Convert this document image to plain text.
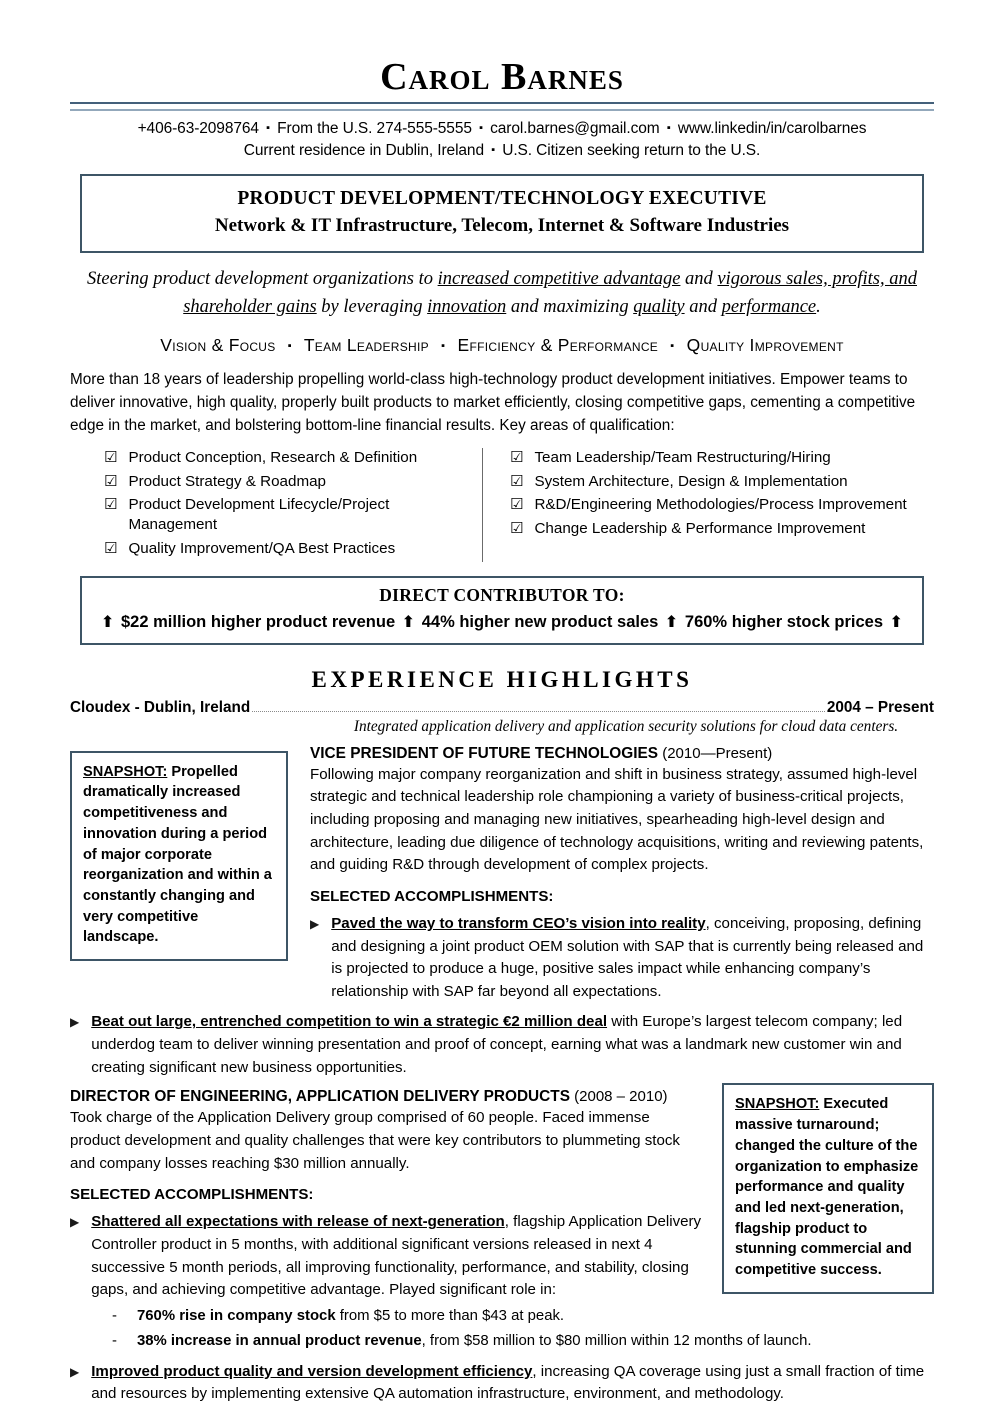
Carol Barnes
+406-63-2098764 ▪ From the U.S. 274-555-5555 ▪ carol.barnes@gmail.com ▪ www.linkedin/in/carolbarnes
Current residence in Dublin, Ireland ▪ U.S. Citizen seeking return to the U.S.
PRODUCT DEVELOPMENT/TECHNOLOGY EXECUTIVE
Network & IT Infrastructure, Telecom, Internet & Software Industries
Steering product development organizations to increased competitive advantage and vigorous sales, profits, and shareholder gains by leveraging innovation and maximizing quality and performance.
Vision & Focus ▪ Team Leadership ▪ Efficiency & Performance ▪ Quality Improvement
More than 18 years of leadership propelling world-class high-technology product development initiatives. Empower teams to deliver innovative, high quality, properly built products to market efficiently, closing competitive gaps, cementing a competitive edge in the market, and bolstering bottom-line financial results. Key areas of qualification:
☑ Product Conception, Research & Definition
☑ Product Strategy & Roadmap
☑ Product Development Lifecycle/Project Management
☑ Quality Improvement/QA Best Practices
☑ Team Leadership/Team Restructuring/Hiring
☑ System Architecture, Design & Implementation
☑ R&D/Engineering Methodologies/Process Improvement
☑ Change Leadership & Performance Improvement
DIRECT CONTRIBUTOR TO:
⬆ $22 million higher product revenue ⬆ 44% higher new product sales ⬆ 760% higher stock prices ⬆
EXPERIENCE HIGHLIGHTS
Cloudex - Dublin, Ireland	2004 – Present
Integrated application delivery and application security solutions for cloud data centers.
SNAPSHOT: Propelled dramatically increased competitiveness and innovation during a period of major corporate reorganization and within a constantly changing and very competitive landscape.
VICE PRESIDENT OF FUTURE TECHNOLOGIES (2010—Present)
Following major company reorganization and shift in business strategy, assumed high-level strategic and technical leadership role championing a variety of business-critical projects, including proposing and managing new initiatives, spearheading high-level design and architecture, leading due diligence of technology acquisitions, writing and reviewing patents, and guiding R&D through development of complex projects.
SELECTED ACCOMPLISHMENTS:
▶ Paved the way to transform CEO’s vision into reality, conceiving, proposing, defining and designing a joint product OEM solution with SAP that is currently being released and is projected to produce a huge, positive sales impact while enhancing company’s relationship with SAP far beyond all expectations.
▶ Beat out large, entrenched competition to win a strategic €2 million deal with Europe’s largest telecom company; led underdog team to deliver winning presentation and proof of concept, earning what was a landmark new customer win and creating significant new business opportunities.
SNAPSHOT: Executed massive turnaround; changed the culture of the organization to emphasize performance and quality and led next-generation, flagship product to stunning commercial and competitive success.
DIRECTOR OF ENGINEERING, APPLICATION DELIVERY PRODUCTS (2008 – 2010)
Took charge of the Application Delivery group comprised of 60 people. Faced immense product development and quality challenges that were key contributors to plummeting stock and company losses reaching $30 million annually.
SELECTED ACCOMPLISHMENTS:
▶ Shattered all expectations with release of next-generation, flagship Application Delivery Controller product in 5 months, with additional significant versions released in next 4 successive 5 month periods, all improving functionality, performance, and stability, closing gaps, and achieving competitive advantage. Played significant role in:
- 760% rise in company stock from $5 to more than $43 at peak.
- 38% increase in annual product revenue, from $58 million to $80 million within 12 months of launch.
▶ Improved product quality and version development efficiency, increasing QA coverage using just a small fraction of time and resources by implementing extensive QA automation infrastructure, environment, and methodology.
